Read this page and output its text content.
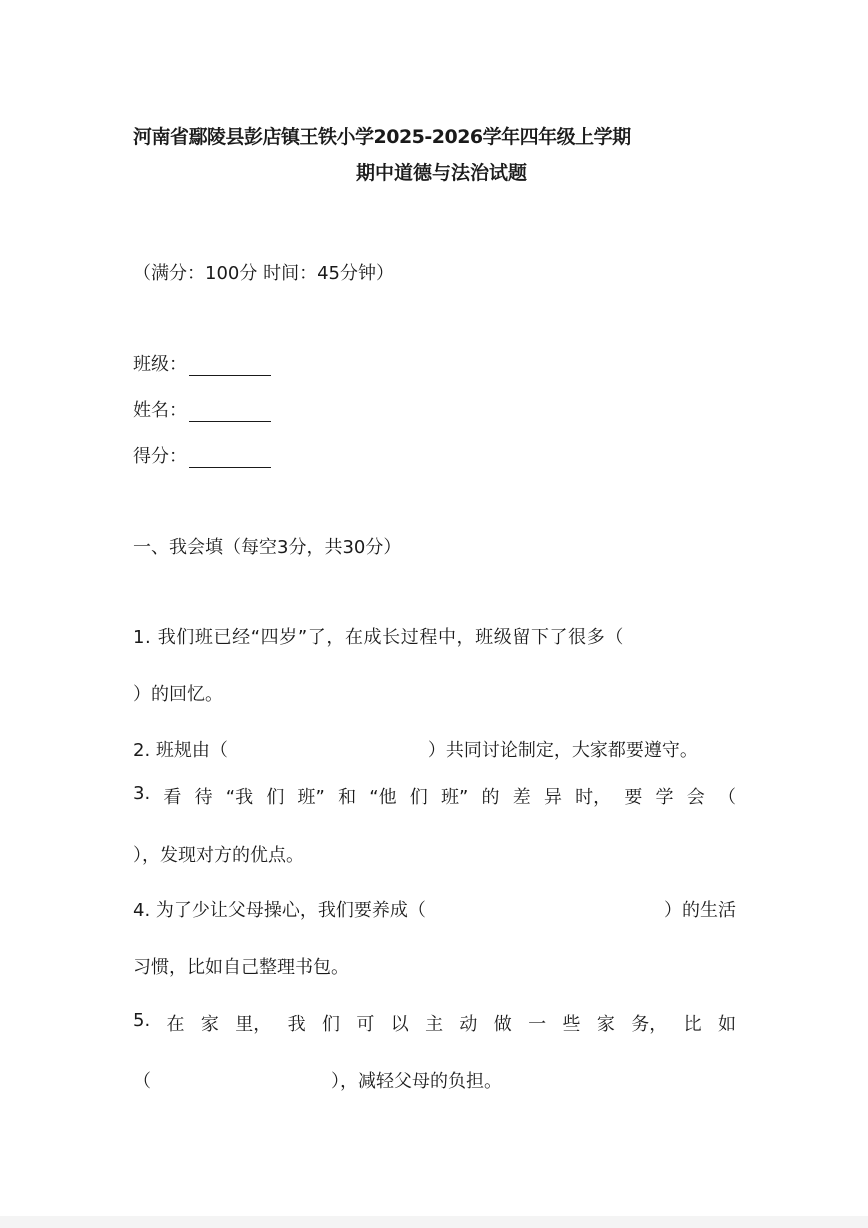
河南省鄢陵县彭店镇王铁小学2025-2026学年四年级上学期
期中道德与法治试题
（满分：100分 时间：45分钟）
班级：
姓名：
得分：
一、我会填（每空3分，共30分）
1. 我们班已经“四岁”了，在成长过程中，班级留下了很多（
）的回忆。
2. 班规由（	）共同讨论制定，大家都要遵守。
3. 看 待 “我 们 班” 和 “他 们 班” 的 差 异 时， 要 学 会 （
），发现对方的优点。
4. 为了少让父母操心，我们要养成（	）的生活
习惯，比如自己整理书包。
5. 在 家 里， 我 们 可 以 主 动 做 一 些 家 务， 比 如
（	），减轻父母的负担。
